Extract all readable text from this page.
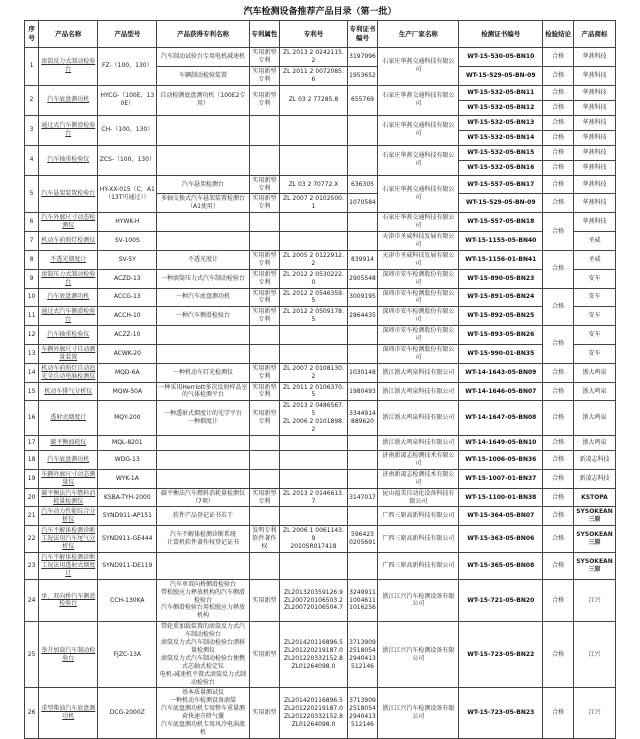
汽车检测设备推荐产品目录（第一批）
序号	产品名称	产品型号	产品获得专利名称	专利属性	专利号	专利证书编号	生产厂家名称	检测证书编号	检验结论	产品商标

1	滚筒反力式制动检验台	FZ-（100，130）	汽车制动试验台专用电机减速机	实用新型专利	ZL 2013 2 0242115.2	3197996	石家庄华燕交通科技有限公司	WT-15-530-05-BN10	合格	华燕科技

			车辆制动检验装置	实用新型专利	ZL 2011 2 0072085.6	1953652		WT-15-529-05-BN-09	合格	华燕科技

2	汽车底盘测功机	HYCG-（100E，130E）	自动检测底盘测功机（100E2专用）	实用新型专利	ZL 03 2 77285.8	655769	石家庄华燕交通科技有限公司	WT-15-532-05-BN11	合格	华燕科技

								WT-15-532-05-BN12	合格	华燕科技

3	通过式汽车侧滑检验台	CH-（100，130）					石家庄华燕交通科技有限公司	WT-15-532-05-BN13	合格	华燕科技

								WT-15-532-05-BN14	合格	华燕科技

4	汽车轴重检验仪	ZCS-（100，130）					石家庄华燕交通科技有限公司	WT-15-532-05-BN15	合格	华燕科技

								WT-15-532-05-BN16	合格	华燕科技

5	汽车悬架装置检验台	HY-XX-015（C，A1（13T可通过））	汽车悬架检测台	实用新型专利	ZL 03 2 70772.X	636305	石家庄华燕交通科技有限公司	WT-15-557-05-BN17	合格	华燕科技

			多轴交换式汽车悬架装置检测台（A1使用）	实用新型专利	ZL 2007 2 0102500.1	1070584		WT-15-529-05-BN-09	合格	华燕科技

6	汽车外廓尺寸动态检测仪	HYWK-H					石家庄华燕交通科技有限公司	WT-15-557-05-BN18	合格	华燕科技

7	机动车前照灯检测仪	SV-100S					天津市圣威科技发展有限公司	WT-15-1155-05-BN40		圣威

8	不透光烟度计	SV-5Y	不透光度计	实用新型专利	ZL 2005 2 0122912.2	839914	天津市圣威科技发展有限公司	WT-15-1156-01-BN41	合格	圣威

9	滚筒压力式制动检验台	ACZD-13	一种滚筒压力式汽车制动检验台	实用新型专利	ZL 2012 2 0530222.0	2905548	深圳市安车检测股份有限公司	WT-15-890-05-BN23		安车

10	汽车底盘测功机	ACCG-13	一种汽车底盘测功机	实用新型专利	ZL 2012 2 0546359.5	3009195	深圳市安车检测股份有限公司	WT-15-891-05-BN24	合格	安车

11	通过式汽车侧滑检验台	ACCH-10	一种汽车侧滑检验台	实用新型专利	ZL 2012 2 0509178.5	2864435	深圳市安车检测股份有限公司	WT-15-892-05-BN25		安车

12	汽车轴重检验仪	ACZZ-10					深圳市安车检测股份有限公司	WT-15-893-05-BN26	合格	安车

13	车辆外廓尺寸自动测量装置	ACWK-20					深圳市安车检测股份有限公司	WT-15-990-01-BN35		安车

14	机动车前照灯自动追光全自动电脑检测仪	MQD-6A	一种机动车灯光检测仪	实用新型专利	ZL 2007 2 0108130.2	1030148	浙江浙大鸣泉科技有限公司	WT-14-1643-05-BN09	合格	浙大鸣泉

15	机动车排气分析仪	MQW-50A	一种采用Herriott多次反射样品室的气体检测平台	实用新型专利	ZL 2011 2 0106370.5	1980493	浙江浙大鸣泉科技有限公司	WT-14-1646-05-BN07	合格	浙大鸣泉

16	透射式烟度计	MQY-200	一种透射式烟度计的光学平台
一种烟度计	实用新型专利	ZL 2013 2 0486567.5
ZL 2006 2 0101898.2	3344914
889620	浙江浙大鸣泉科技有限公司	WT-14-1647-05-BN08	合格	浙大鸣泉

17	碳平衡油耗仪	MQL-8201					浙江浙大鸣泉科技有限公司	WT-14-1649-05-BN10	合格	浙大鸣泉

18	汽车底盘测功机	WDG-13					济南新凌志检测技术有限公司	WT-15-1006-05-BN36	合格	新凌志科技

19	车辆外廓尺寸动态测量仪	WYK-1A					济南新凌志检测技术有限公司	WT-15-1007-01-BN37	合格	新凌志科技

20	碳平衡法汽车燃料消耗量检测仪	KSBA-TYH-2000	碳平衡法汽车燃料消耗量检测仪（7项）	实用新型专利	ZL 2013 2 0146613.7	3147017	昆山福美自动化设备科技有限公司	WT-15-1100-01-BN38	合格	KSTOPA

21	汽车动力性能综合分析仪	SYND911-AP151	软件产品登记证书若干				广西三原高新科技有限公司	WT-15-364-05-BN07	合格	SYSOKEAN
三原

22	汽车不解体检测诊断工况法用汽车尾气分析仪	SYND911-GE444	汽车不解体检测诊断系统
计算机软件著作权登记证书	发明专利
软件著作权	ZL 2006 1 0061143.9
2010SR017418	596423
0205691	广西三原高新科技有限公司	WT-15-363-05-BN06	合格	SYSOKEAN
三原

23	汽车不解体检测诊断工况法用透射式烟度计	SYND911-DE119					广西三原高新科技有限公司	WT-15-365-05-BN08	合格	SYSOKEAN
三原

24	单、双向桥汽车侧滑检验台	CCH-130KA	汽车单双向桥侧滑检验台
带松脱应力释放机构的汽车侧滑检验台
汽车侧滑检验台用松脱应力释放机构	实用新型	ZL201320359126.9
ZL200720106503.2
ZL200720106504.7	3249911
1004611
1016256	浙江江兴汽车检测设备有限公司	WT-15-721-05-BN20	合格	江兴

25	举升加载汽车制动检验台	FJZC-13A	带轮重加载装置的滚筒反力式汽车制动检验台
滚筒反力式汽车制动检验台漂移量检测仪
滚筒反力式汽车制动检验台便携式芯轴式检定仪
电机-减速机平置式滚筒反力式制动检验台	实用新型	ZL201420116896.5
ZL201220219187.0
ZL201220332152.8
ZL01264098.0	3713909
2518054
2940413
512146	浙江江兴汽车检测设备有限公司	WT-15-723-05-BN22	合格	江兴

26	重型柴油汽车底盘测功机	DCG-2000Z	基本质量测试仪
一种机动车检测设备滚筒
汽车底盘测功机专用整车重量测荷快速升降气囊
汽车底盘测功机专用风冷电涡流机	实用新型	ZL201420116896.5
ZL201220219187.0
ZL201220332152.8
ZL01264098.0	3713909
2518054
2940413
512146	浙江江兴汽车检测设备有限公司	WT-15-723-05-BN23	合格	江兴
